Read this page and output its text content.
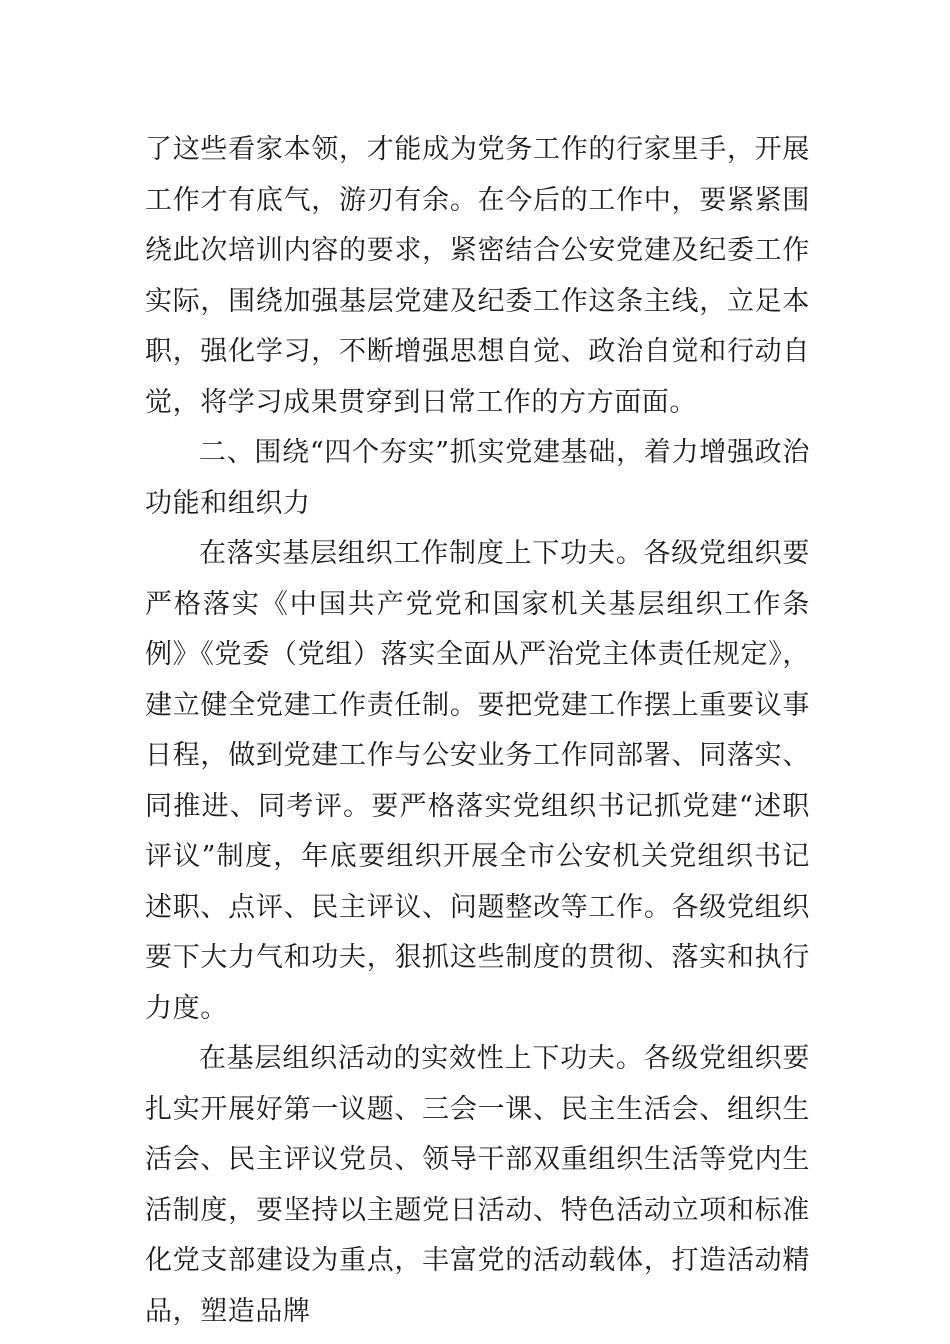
了这些看家本领，才能成为党务工作的行家里手，开展工作才有底气，游刃有余。在今后的工作中，要紧紧围绕此次培训内容的要求，紧密结合公安党建及纪委工作实际，围绕加强基层党建及纪委工作这条主线，立足本职，强化学习，不断增强思想自觉、政治自觉和行动自觉，将学习成果贯穿到日常工作的方方面面。

二、围绕“四个夯实”抓实党建基础，着力增强政治功能和组织力

在落实基层组织工作制度上下功夫。各级党组织要严格落实《中国共产党党和国家机关基层组织工作条例》《党委（党组）落实全面从严治党主体责任规定》，建立健全党建工作责任制。要把党建工作摆上重要议事日程，做到党建工作与公安业务工作同部署、同落实、同推进、同考评。要严格落实党组织书记抓党建“述职评议”制度，年底要组织开展全市公安机关党组织书记述职、点评、民主评议、问题整改等工作。各级党组织要下大力气和功夫，狠抓这些制度的贯彻、落实和执行力度。

在基层组织活动的实效性上下功夫。各级党组织要扎实开展好第一议题、三会一课、民主生活会、组织生活会、民主评议党员、领导干部双重组织生活等党内生活制度，要坚持以主题党日活动、特色活动立项和标准化党支部建设为重点，丰富党的活动载体，打造活动精品，塑造品牌
